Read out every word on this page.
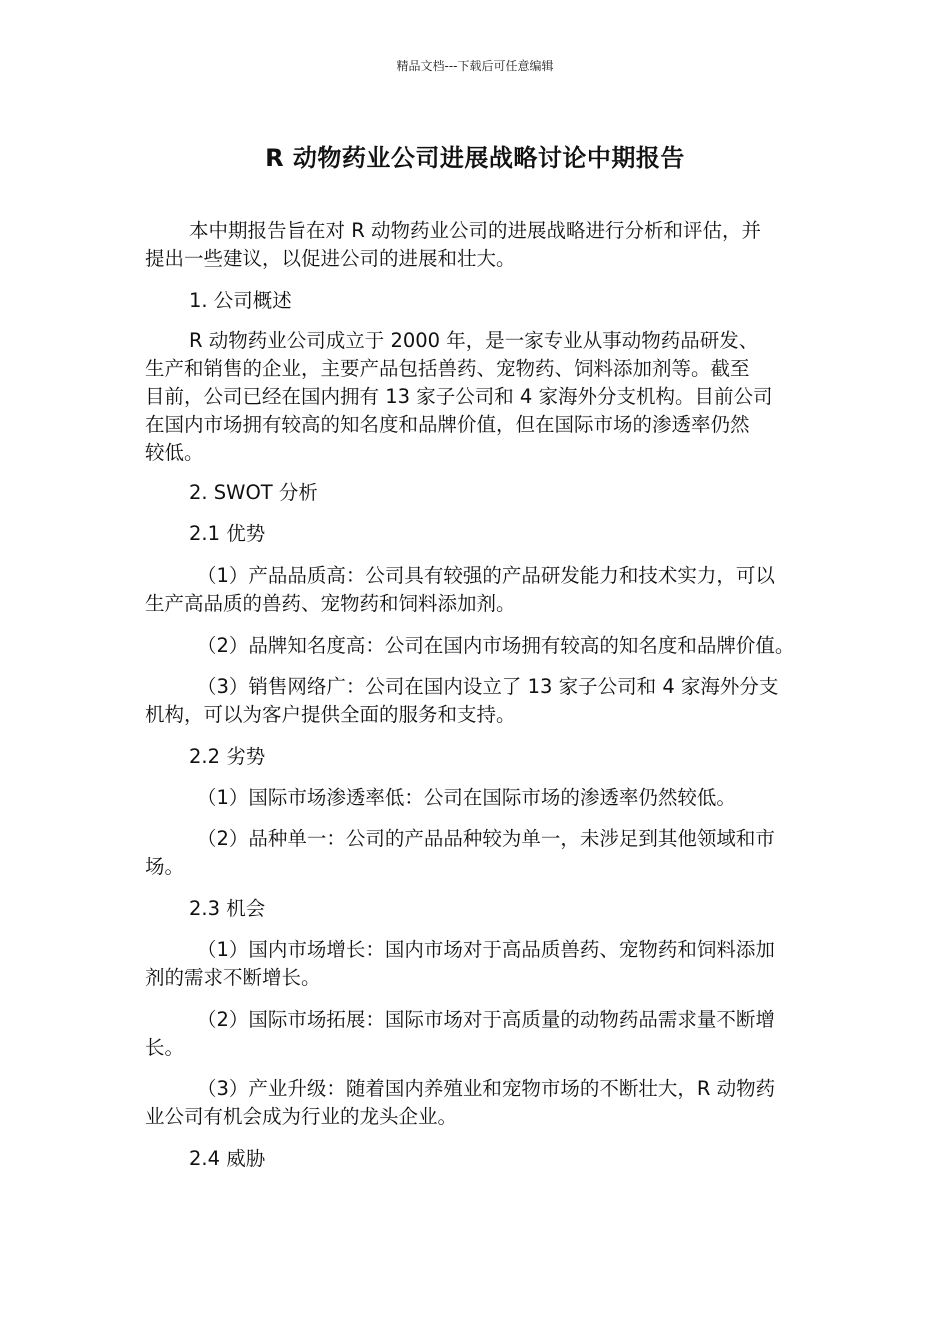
精品文档---下载后可任意编辑
R 动物药业公司进展战略讨论中期报告

本中期报告旨在对 R 动物药业公司的进展战略进行分析和评估，并
提出一些建议，以促进公司的进展和壮大。

1. 公司概述

R 动物药业公司成立于 2000 年，是一家专业从事动物药品研发、
生产和销售的企业，主要产品包括兽药、宠物药、饲料添加剂等。截至
目前，公司已经在国内拥有 13 家子公司和 4 家海外分支机构。目前公司
在国内市场拥有较高的知名度和品牌价值，但在国际市场的渗透率仍然
较低。

2. SWOT 分析

2.1 优势

（1）产品品质高：公司具有较强的产品研发能力和技术实力，可以
生产高品质的兽药、宠物药和饲料添加剂。

（2）品牌知名度高：公司在国内市场拥有较高的知名度和品牌价值。

（3）销售网络广：公司在国内设立了 13 家子公司和 4 家海外分支
机构，可以为客户提供全面的服务和支持。

2.2 劣势

（1）国际市场渗透率低：公司在国际市场的渗透率仍然较低。

（2）品种单一：公司的产品品种较为单一，未涉足到其他领域和市
场。

2.3 机会

（1）国内市场增长：国内市场对于高品质兽药、宠物药和饲料添加
剂的需求不断增长。

（2）国际市场拓展：国际市场对于高质量的动物药品需求量不断增
长。

（3）产业升级：随着国内养殖业和宠物市场的不断壮大，R 动物药
业公司有机会成为行业的龙头企业。

2.4 威胁
